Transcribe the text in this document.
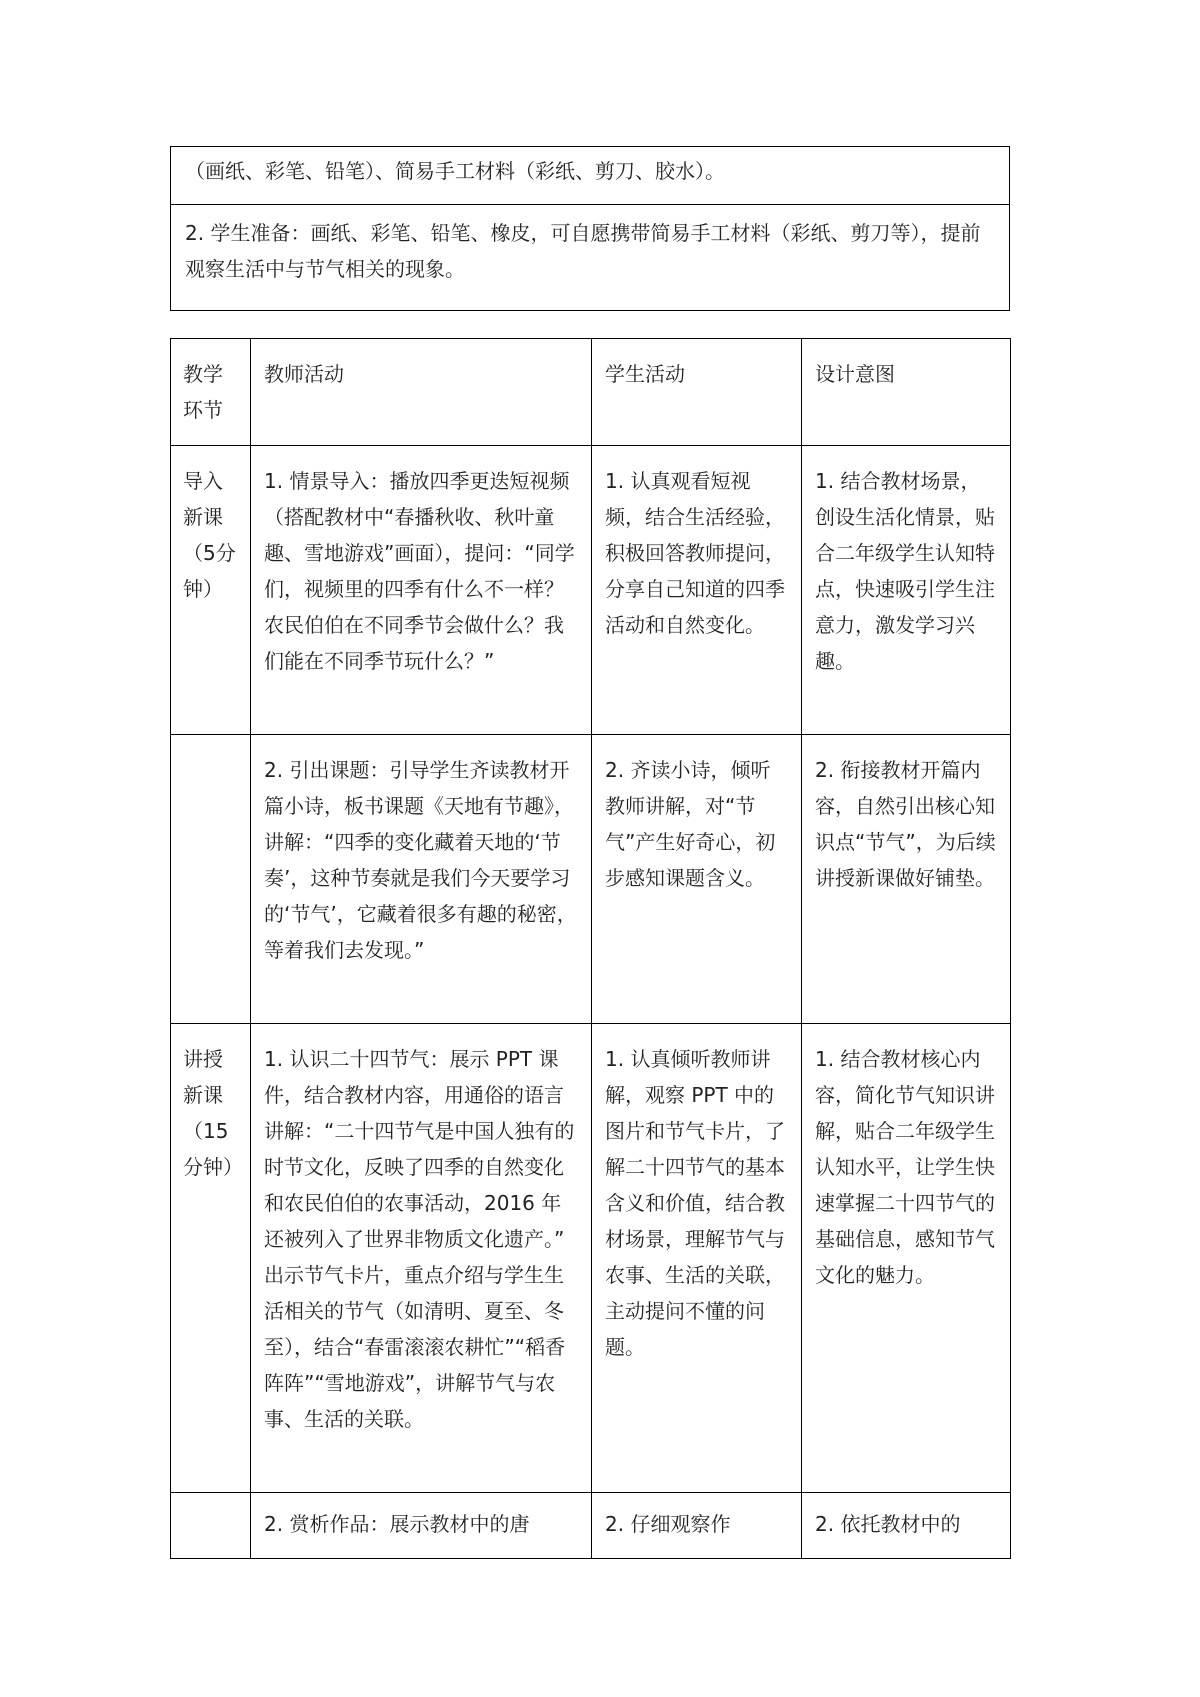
（画纸、彩笔、铅笔）、简易手工材料（彩纸、剪刀、胶水）。
2. 学生准备：画纸、彩笔、铅笔、橡皮，可自愿携带简易手工材料（彩纸、剪刀等），提前观察生活中与节气相关的现象。
教学环节	教师活动	学生活动	设计意图
导入新课（5分钟）	1. 情景导入：播放四季更迭短视频（搭配教材中“春播秋收、秋叶童趣、雪地游戏”画面），提问：“同学们，视频里的四季有什么不一样？农民伯伯在不同季节会做什么？我们能在不同季节玩什么？”	1. 认真观看短视频，结合生活经验，积极回答教师提问，分享自己知道的四季活动和自然变化。	1. 结合教材场景，创设生活化情景，贴合二年级学生认知特点，快速吸引学生注意力，激发学习兴趣。
	2. 引出课题：引导学生齐读教材开篇小诗，板书课题《天地有节趣》，讲解：“四季的变化藏着天地的‘节奏’，这种节奏就是我们今天要学习的‘节气’，它藏着很多有趣的秘密，等着我们去发现。”	2. 齐读小诗，倾听教师讲解，对“节气”产生好奇心，初步感知课题含义。	2. 衔接教材开篇内容，自然引出核心知识点“节气”，为后续讲授新课做好铺垫。
讲授新课（15分钟）	1. 认识二十四节气：展示 PPT 课件，结合教材内容，用通俗的语言讲解：“二十四节气是中国人独有的时节文化，反映了四季的自然变化和农民伯伯的农事活动，2016 年还被列入了世界非物质文化遗产。” 出示节气卡片，重点介绍与学生生活相关的节气（如清明、夏至、冬至），结合“春雷滚滚农耕忙”“稻香阵阵”“雪地游戏”，讲解节气与农事、生活的关联。	1. 认真倾听教师讲解，观察 PPT 中的图片和节气卡片，了解二十四节气的基本含义和价值，结合教材场景，理解节气与农事、生活的关联，主动提问不懂的问题。	1. 结合教材核心内容，简化节气知识讲解，贴合二年级学生认知水平，让学生快速掌握二十四节气的基础信息，感知节气文化的魅力。
	2. 赏析作品：展示教材中的唐	2. 仔细观察作	2. 依托教材中的
